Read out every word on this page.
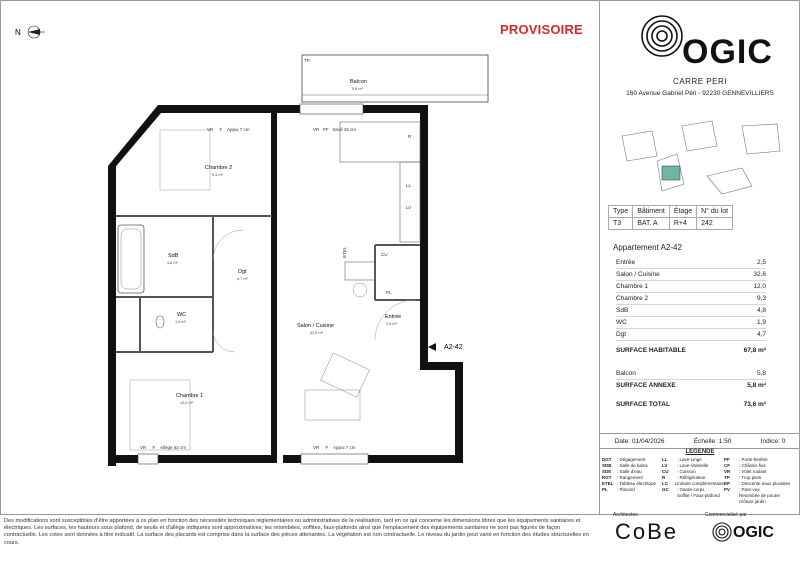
N	PROVISOIRE
Balcon
5,8 m²
Chambre 2
9,3 m²
SdB
4,8 m²
Dgt
4,7 m²
WC
1,9 m²
Salon / Cuisine
32,6 m²
Entrée
2,5 m²
Chambre 1
12,0 m²
VR     F    Appui 7 cm	VR   PF   Seuil 15 cm
VR     F    Allège 62 cm	VR     F    Appui 7 cm
TP
R
LL
LV
CU
PL
ETEL
A2-42
OGIC
CARRE PERI
160 Avenue Gabriel Péri - 92230 GENNEVILLIERS
Type	Bâtiment	Étage	N° du lot
T3	BAT. A	R+4	242
Appartement A2-42
Entrée	2,5
Salon / Cuisine	32,6
Chambre 1	12,0
Chambre 2	9,3
SdB	4,8
WC	1,9
Dgt	4,7
SURFACE HABITABLE	67,8 m²
Balcon	5,8
SURFACE ANNEXE	5,8 m²
SURFACE TOTAL	73,6 m²
Date: 01/04/2026	Échelle: 1:50	Indice: 0
LEGENDE
DGT	: Dégagement
SDB	: Salle de bains
SDE	: Salle d'eau
RGT	: Rangement
ETEL : Tableau électrique
PL	: Placard
LL	: Lave-Linge
LV	: Lave-Vaisselle
CU	: Cuisson
R	: Réfrigérateur
LC : Linéaire complémentaire
GC	: Garde-corps
Soffite / Faux-plafond
PF	: Porte-fenêtre
CF	: Châssis fixe
VR	: Volet roulant
TP	: Trop plein
EP	: Descente eaux pluviales
PV	: Pare-vue
Retombée de poutre
Clôture jardin
Des modifications sont susceptibles d'être apportées à ce plan en fonction des nécessités techniques réglementaires ou administratives de la réalisation, tant en ce qui concerne les dimensions libres que les équipements sanitaires et électriques. Les surfaces, les hauteurs sous plafond, de seuils et d'allège indiquées sont approximatives; les retombées, soffites, faux-plafonds ainsi que l'emplacement des équipements sanitaires ne sont pas figurés de façon contractuelle. Les cotes sont données à titre indicatif. La surface des placards est comprise dans la surface des pièces attenantes. La végétation est non contractuelle. Le niveau du jardin peut varié en fonction des études structurelles en cours.
Architectes
CoBe
Commercialisé par
OGIC
